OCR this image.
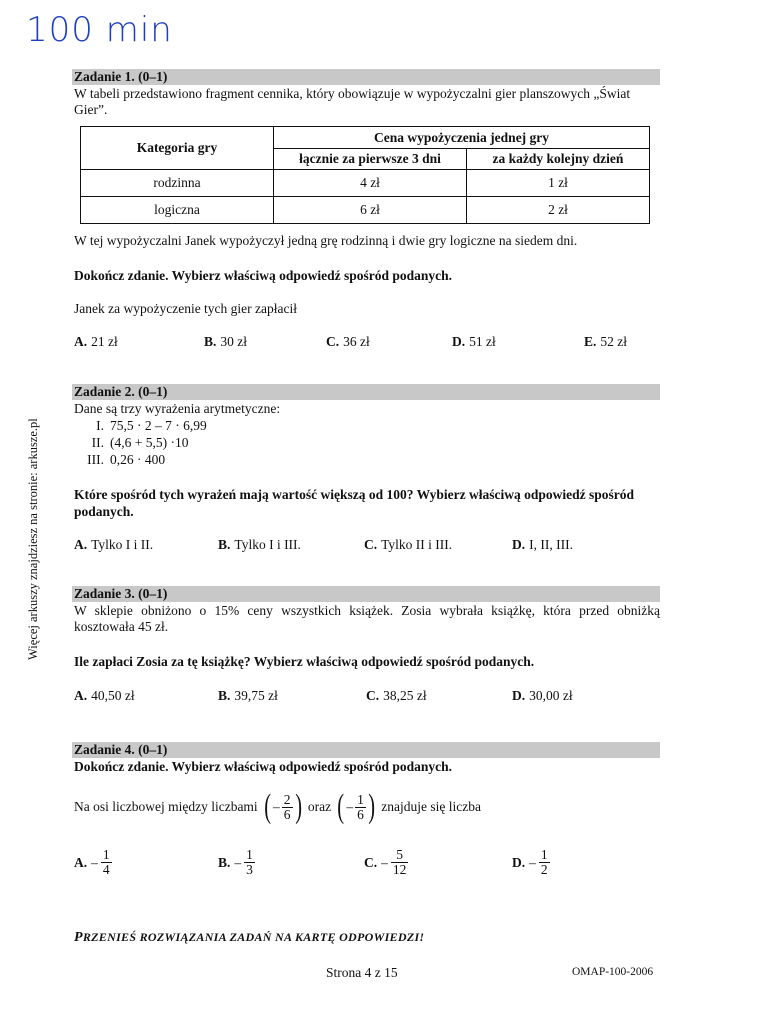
100 min
Więcej arkuszy znajdziesz na stronie: arkusze.pl
Zadanie 1. (0–1)
W tabeli przedstawiono fragment cennika, który obowiązuje w wypożyczalni gier planszowych „Świat Gier”.
Kategoria gry	Cena wypożyczenia jednej gry	
	łącznie za pierwsze 3 dni	za każdy kolejny dzień
rodzinna	4 zł	1 zł
logiczna	6 zł	2 zł
W tej wypożyczalni Janek wypożyczył jedną grę rodzinną i dwie gry logiczne na siedem dni.
Dokończ zdanie. Wybierz właściwą odpowiedź spośród podanych.
Janek za wypożyczenie tych gier zapłacił
A. 21 zł	B. 30 zł	C. 36 zł	D. 51 zł	E. 52 zł
Zadanie 2. (0–1)
Dane są trzy wyrażenia arytmetyczne:
I. 75,5 · 2 – 7 · 6,99
II. (4,6 + 5,5) ·10
III. 0,26 · 400
Które spośród tych wyrażeń mają wartość większą od 100? Wybierz właściwą odpowiedź spośród podanych.
A. Tylko I i II.	B. Tylko I i III.	C. Tylko II i III.	D. I, II, III.
Zadanie 3. (0–1)
W sklepie obniżono o 15% ceny wszystkich książek. Zosia wybrała książkę, która przed obniżką kosztowała 45 zł.
Ile zapłaci Zosia za tę książkę? Wybierz właściwą odpowiedź spośród podanych.
A. 40,50 zł	B. 39,75 zł	C. 38,25 zł	D. 30,00 zł
Zadanie 4. (0–1)
Dokończ zdanie. Wybierz właściwą odpowiedź spośród podanych.
Na osi liczbowej między liczbami ( – $\frac{2}{6}$ ) oraz ( – $\frac{1}{6}$ ) znajduje się liczba
A. – $\frac{1}{4}$	B. – $\frac{1}{3}$	C. – $\frac{5}{12}$	D. – $\frac{1}{2}$
PRZENIEŚ ROZWIĄZANIA ZADAŃ NA KARTĘ ODPOWIEDZI!
Strona 4 z 15	OMAP-100-2006
